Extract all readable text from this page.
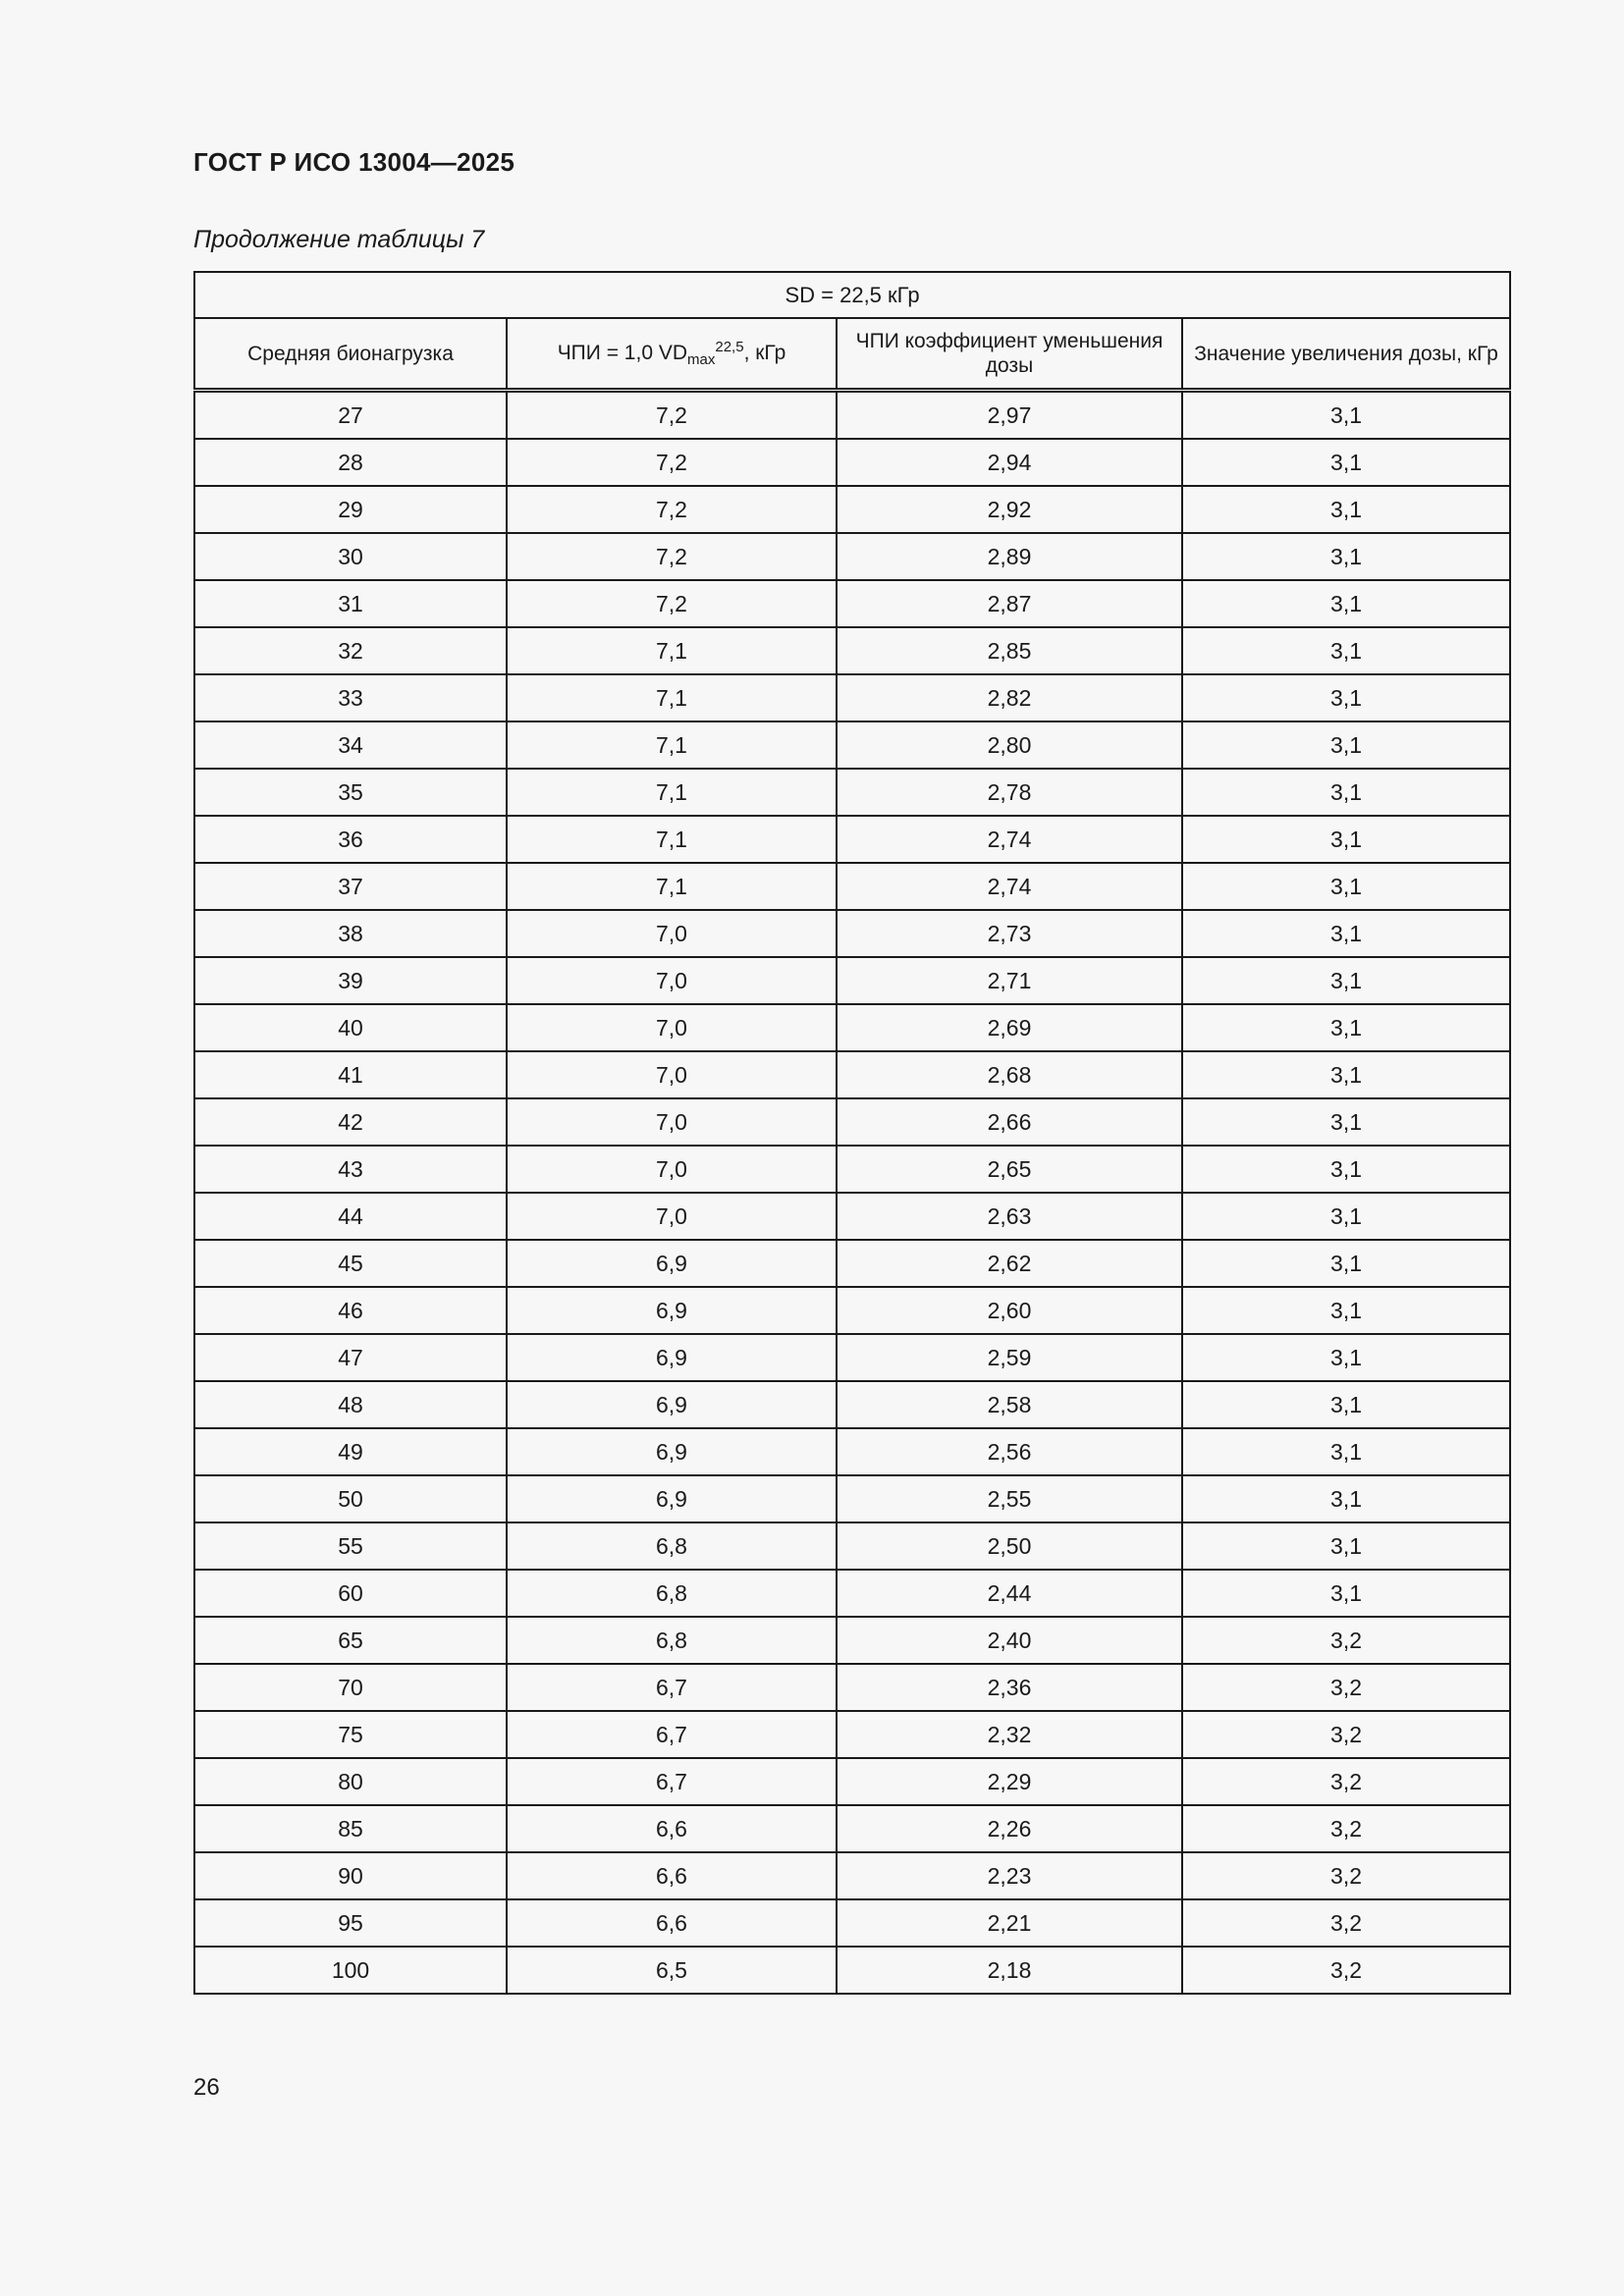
ГОСТ Р ИСО 13004—2025
Продолжение таблицы 7
SD = 22,5 кГр			
Средняя бионагрузка	ЧПИ = 1,0 $VD_{max}^{22,5}$, кГр	ЧПИ коэффициент уменьшения дозы	Значение увеличения дозы, кГр
27	7,2	2,97	3,1
28	7,2	2,94	3,1
29	7,2	2,92	3,1
30	7,2	2,89	3,1
31	7,2	2,87	3,1
32	7,1	2,85	3,1
33	7,1	2,82	3,1
34	7,1	2,80	3,1
35	7,1	2,78	3,1
36	7,1	2,74	3,1
37	7,1	2,74	3,1
38	7,0	2,73	3,1
39	7,0	2,71	3,1
40	7,0	2,69	3,1
41	7,0	2,68	3,1
42	7,0	2,66	3,1
43	7,0	2,65	3,1
44	7,0	2,63	3,1
45	6,9	2,62	3,1
46	6,9	2,60	3,1
47	6,9	2,59	3,1
48	6,9	2,58	3,1
49	6,9	2,56	3,1
50	6,9	2,55	3,1
55	6,8	2,50	3,1
60	6,8	2,44	3,1
65	6,8	2,40	3,2
70	6,7	2,36	3,2
75	6,7	2,32	3,2
80	6,7	2,29	3,2
85	6,6	2,26	3,2
90	6,6	2,23	3,2
95	6,6	2,21	3,2
100	6,5	2,18	3,2
26
